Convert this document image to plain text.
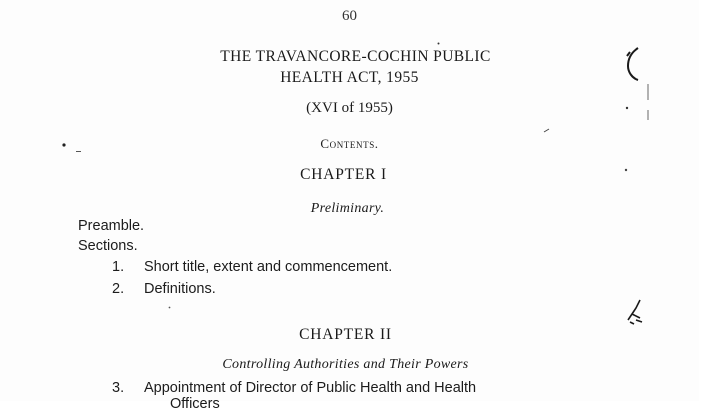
60
THE TRAVANCORE-COCHIN PUBLIC
HEALTH ACT, 1955
(XVI of 1955)
Contents.
CHAPTER I
Preliminary.
Preamble.
Sections.
1. Short title, extent and commencement.
2. Definitions.
CHAPTER II
Controlling Authorities and Their Powers
3. Appointment of Director of Public Health and Health
Officers
